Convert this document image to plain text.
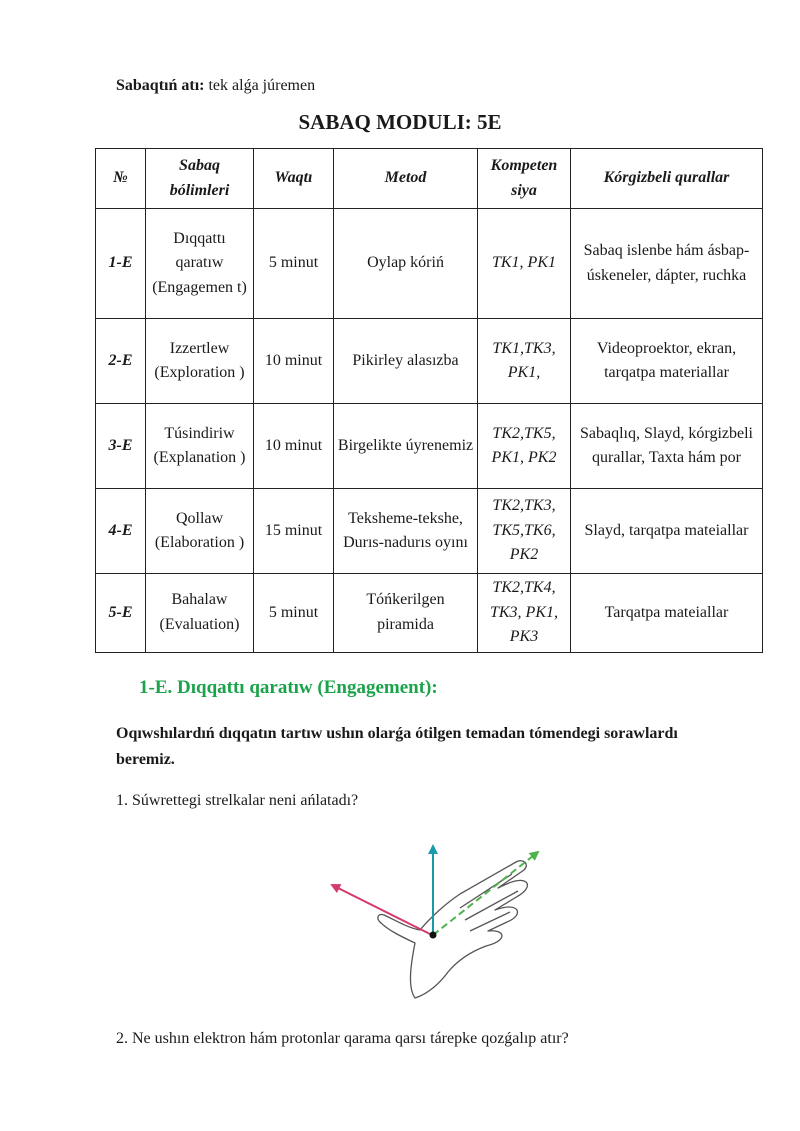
Sabaqtıń atı: tek alǵa júremen
SABAQ MODULI: 5E
№	Sabaq bólimleri	Waqtı	Metod	Kompeten siya	Kórgizbeli qurallar
1-E	Dıqqattı qaratıw (Engagemen t)	5 minut	Oylap kóriń	TK1, PK1	Sabaq islenbe hám ásbap-úskeneler, dápter, ruchka
2-E	Izzertlew (Exploration )	10 minut	Pikirley alasızba	TK1,TK3, PK1,	Videoproektor, ekran, tarqatpa materiallar
3-E	Túsindiriw (Explanation )	10 minut	Birgelikte úyrenemiz	TK2,TK5, PK1, PK2	Sabaqlıq, Slayd, kórgizbeli qurallar, Taxta hám por
4-E	Qollaw (Elaboration )	15 minut	Teksheme-tekshe, Durıs-nadurıs oyını	TK2,TK3, TK5,TK6, PK2	Slayd, tarqatpa mateiallar
5-E	Bahalaw (Evaluation)	5 minut	Tóńkerilgen piramida	TK2,TK4, TK3, PK1, PK3	Tarqatpa mateiallar
1-E. Dıqqattı qaratıw (Engagement):
Oqıwshılardıń dıqqatın tartıw ushın olarǵa ótilgen temadan tómendegi sorawlardı beremiz.
1. Súwrettegi strelkalar neni ańlatadı?
2. Ne ushın elektron hám protonlar qarama qarsı tárepke qozǵalıp atır?
